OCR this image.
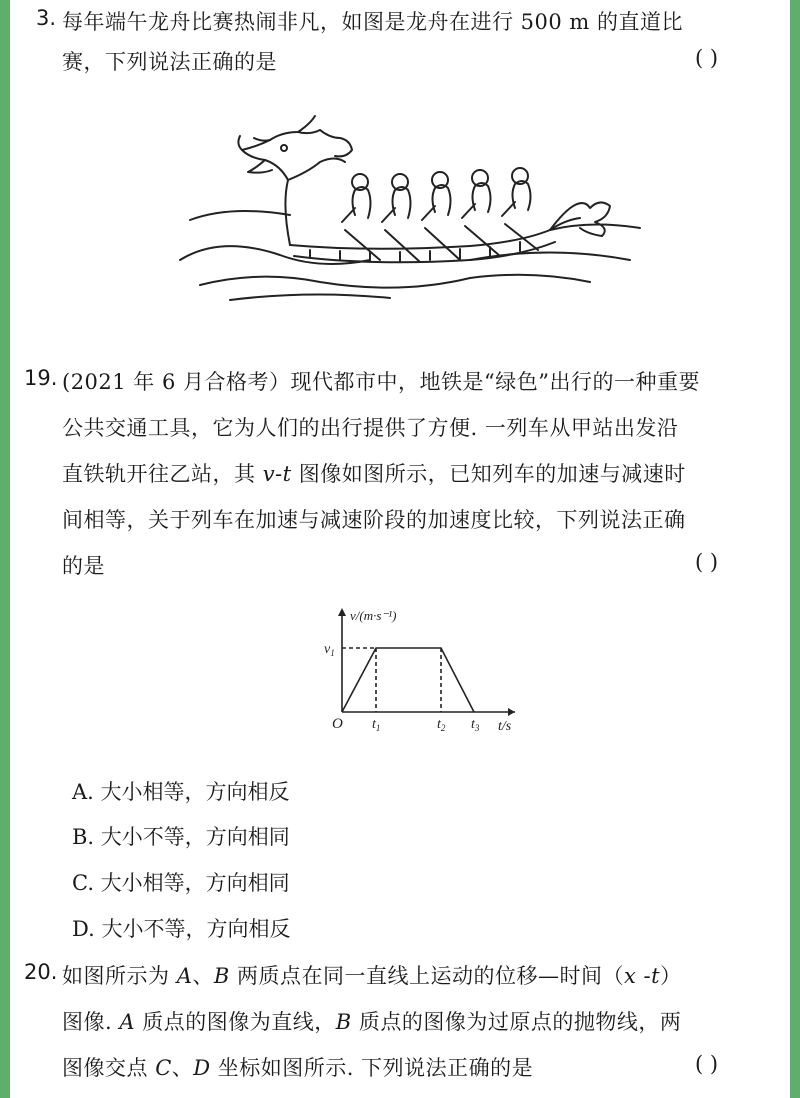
3. 每年端午龙舟比赛热闹非凡，如图是龙舟在进行 500 m 的直道比
赛，下列说法正确的是	( )
19. (2021 年 6 月合格考）现代都市中，地铁是“绿色”出行的一种重要
公共交通工具，它为人们的出行提供了方便. 一列车从甲站出发沿
直铁轨开往乙站，其 v-t 图像如图所示，已知列车的加速与减速时
间相等，关于列车在加速与减速阶段的加速度比较，下列说法正确
的是	( )
v/(m·s⁻¹)
$v_1$
O $t_1$	$t_2$ $t_3$ t/s
A. 大小相等，方向相反
B. 大小不等，方向相同
C. 大小相等，方向相同
D. 大小不等，方向相反
20. 如图所示为 A、B 两质点在同一直线上运动的位移—时间（x -t）
图像. A 质点的图像为直线，B 质点的图像为过原点的抛物线，两
图像交点 C、D 坐标如图所示. 下列说法正确的是	( )
